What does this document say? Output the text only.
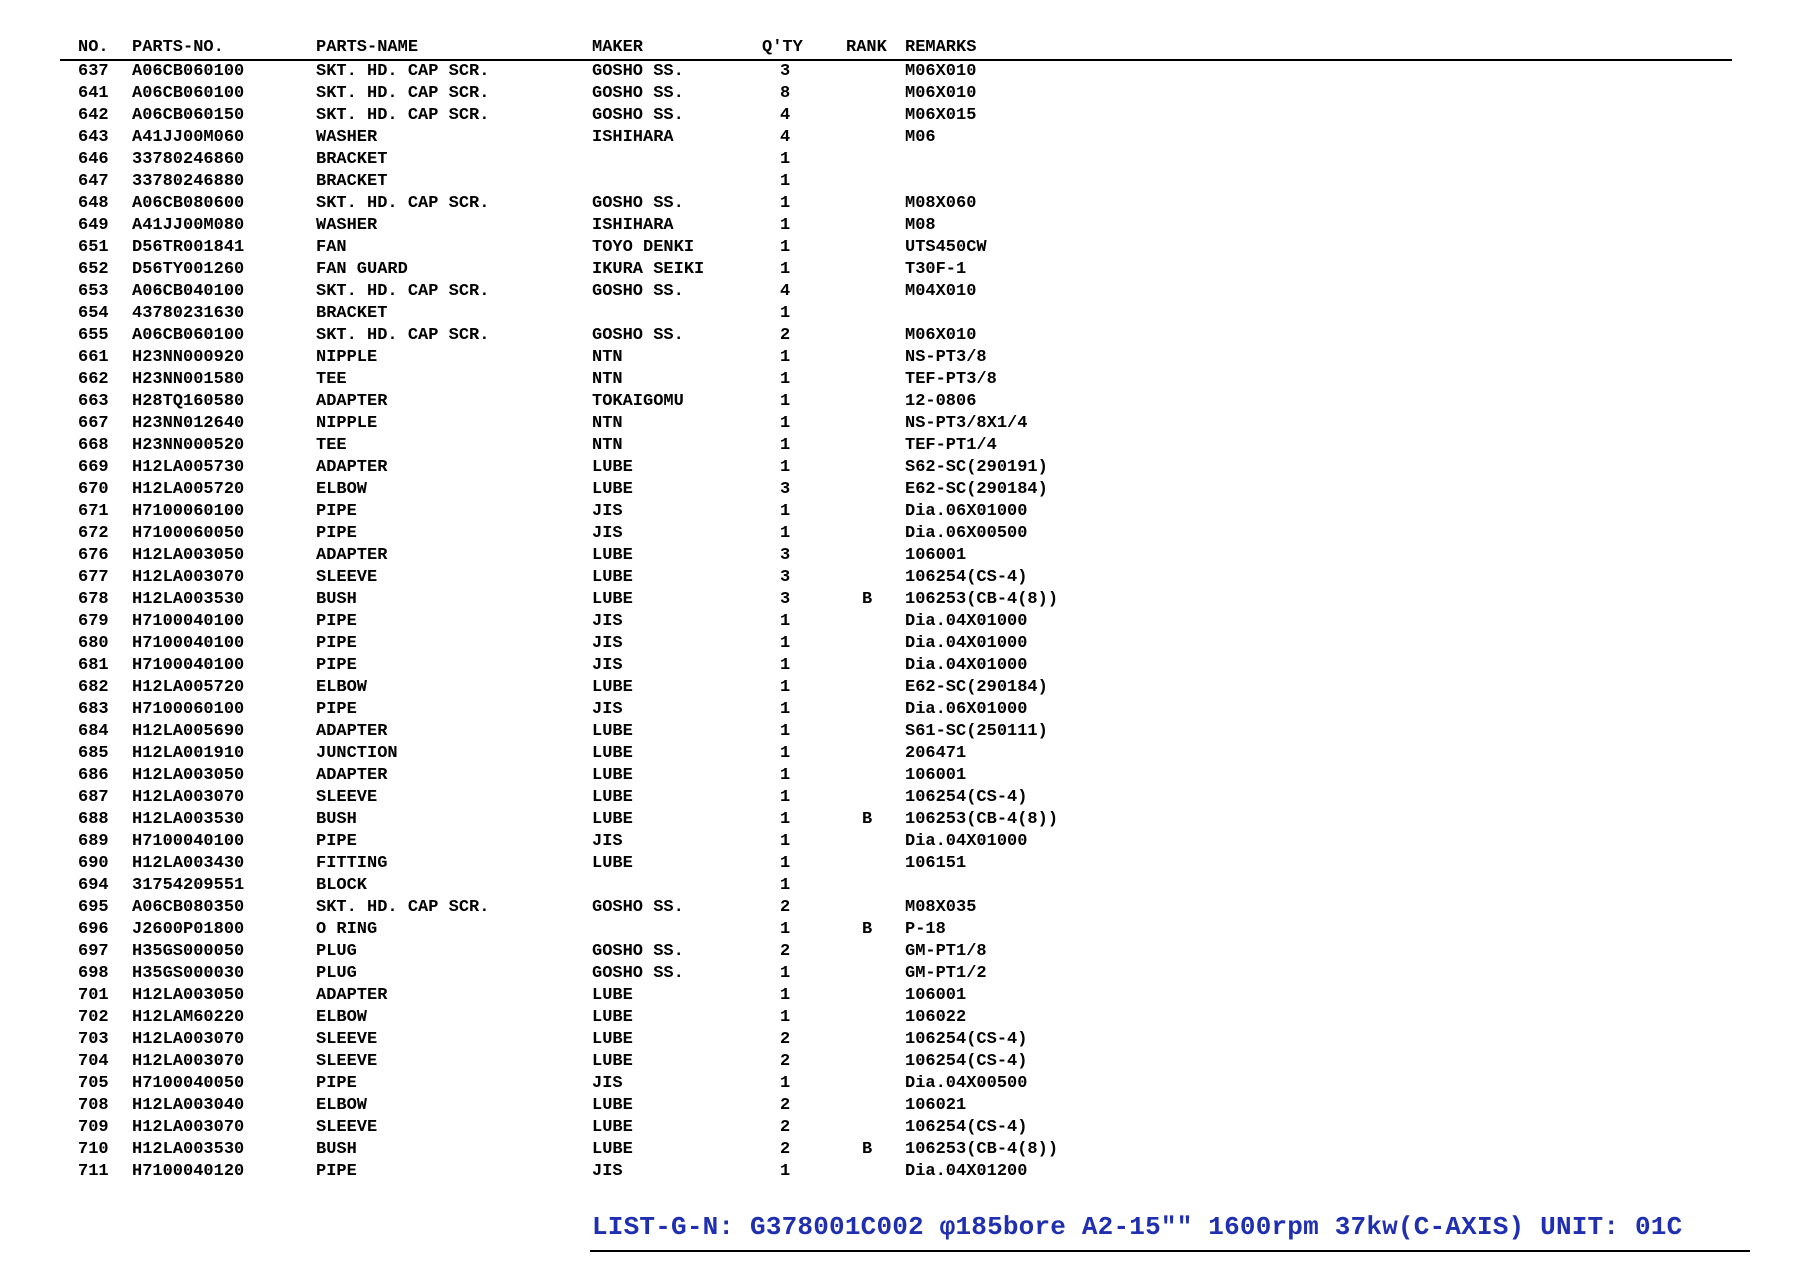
NO. PARTS-NO.	PARTS-NAME	MAKER	Q'TY	RANK REMARKS
637 A06CB060100	SKT. HD. CAP SCR.	GOSHO SS.	3	M06X010
641 A06CB060100	SKT. HD. CAP SCR.	GOSHO SS.	8	M06X010
642 A06CB060150	SKT. HD. CAP SCR.	GOSHO SS.	4	M06X015
643 A41JJ00M060	WASHER	ISHIHARA	4	M06
646 33780246860	BRACKET	1
647 33780246880	BRACKET	1
648 A06CB080600	SKT. HD. CAP SCR.	GOSHO SS.	1	M08X060
649 A41JJ00M080	WASHER	ISHIHARA	1	M08
651 D56TR001841	FAN	TOYO DENKI	1	UTS450CW
652 D56TY001260	FAN GUARD	IKURA SEIKI	1	T30F-1
653 A06CB040100	SKT. HD. CAP SCR.	GOSHO SS.	4	M04X010
654 43780231630	BRACKET	1
655 A06CB060100	SKT. HD. CAP SCR.	GOSHO SS.	2	M06X010
661 H23NN000920	NIPPLE	NTN	1	NS-PT3/8
662 H23NN001580	TEE	NTN	1	TEF-PT3/8
663 H28TQ160580	ADAPTER	TOKAIGOMU	1	12-0806
667 H23NN012640	NIPPLE	NTN	1	NS-PT3/8X1/4
668 H23NN000520	TEE	NTN	1	TEF-PT1/4
669 H12LA005730	ADAPTER	LUBE	1	S62-SC(290191)
670 H12LA005720	ELBOW	LUBE	3	E62-SC(290184)
671 H7100060100	PIPE	JIS	1	Dia.06X01000
672 H7100060050	PIPE	JIS	1	Dia.06X00500
676 H12LA003050	ADAPTER	LUBE	3	106001
677 H12LA003070	SLEEVE	LUBE	3	106254(CS-4)
678 H12LA003530	BUSH	LUBE	3	B 106253(CB-4(8))
679 H7100040100	PIPE	JIS	1	Dia.04X01000
680 H7100040100	PIPE	JIS	1	Dia.04X01000
681 H7100040100	PIPE	JIS	1	Dia.04X01000
682 H12LA005720	ELBOW	LUBE	1	E62-SC(290184)
683 H7100060100	PIPE	JIS	1	Dia.06X01000
684 H12LA005690	ADAPTER	LUBE	1	S61-SC(250111)
685 H12LA001910	JUNCTION	LUBE	1	206471
686 H12LA003050	ADAPTER	LUBE	1	106001
687 H12LA003070	SLEEVE	LUBE	1	106254(CS-4)
688 H12LA003530	BUSH	LUBE	1	B 106253(CB-4(8))
689 H7100040100	PIPE	JIS	1	Dia.04X01000
690 H12LA003430	FITTING	LUBE	1	106151
694 31754209551	BLOCK	1
695 A06CB080350	SKT. HD. CAP SCR.	GOSHO SS.	2	M08X035
696 J2600P01800	O RING	1	B P-18
697 H35GS000050	PLUG	GOSHO SS.	2	GM-PT1/8
698 H35GS000030	PLUG	GOSHO SS.	1	GM-PT1/2
701 H12LA003050	ADAPTER	LUBE	1	106001
702 H12LAM60220	ELBOW	LUBE	1	106022
703 H12LA003070	SLEEVE	LUBE	2	106254(CS-4)
704 H12LA003070	SLEEVE	LUBE	2	106254(CS-4)
705 H7100040050	PIPE	JIS	1	Dia.04X00500
708 H12LA003040	ELBOW	LUBE	2	106021
709 H12LA003070	SLEEVE	LUBE	2	106254(CS-4)
710 H12LA003530	BUSH	LUBE	2	B 106253(CB-4(8))
711 H7100040120	PIPE	JIS	1	Dia.04X01200
LIST-G-N: G378001C002 φ185bore A2-15"" 1600rpm 37kw(C-AXIS) UNIT: 01C
